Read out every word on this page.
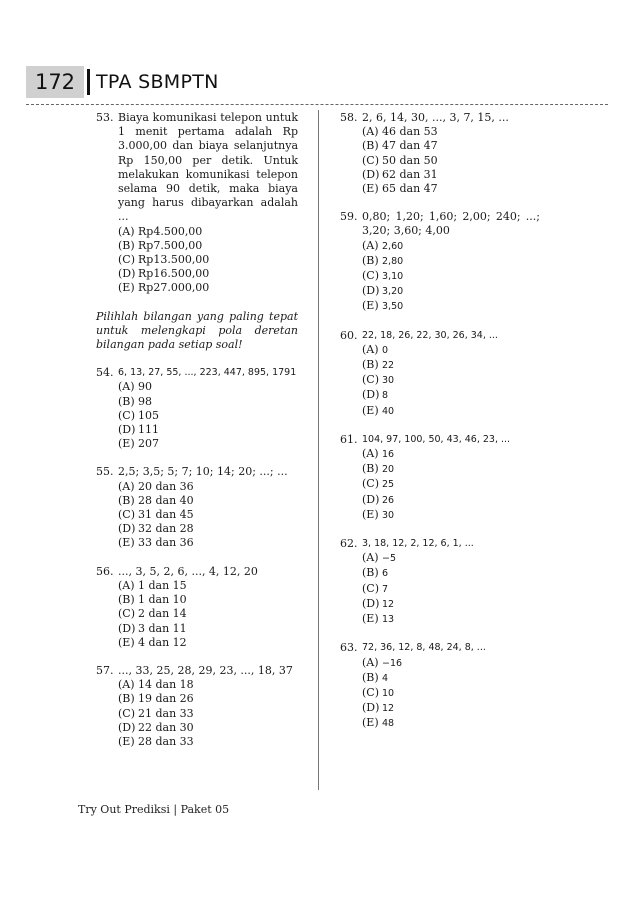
172	TPA SBMPTN
53. Biaya komunikasi telepon untuk 1 menit pertama adalah Rp 3.000,00 dan biaya selanjutnya Rp 150,00 per detik. Untuk melakukan komunikasi telepon selama 90 detik, maka biaya yang harus dibayarkan adalah ...
(A) Rp4.500,00
(B) Rp7.500,00
(C) Rp13.500,00
(D) Rp16.500,00
(E) Rp27.000,00

Pilihlah bilangan yang paling tepat untuk melengkapi pola deretan bilangan pada setiap soal!

54. 6, 13, 27, 55, ..., 223, 447, 895, 1791
(A) 90
(B) 98
(C) 105
(D) 111
(E) 207
55. 2,5; 3,5; 5; 7; 10; 14; 20; ...; ...
(A) 20 dan 36
(B) 28 dan 40
(C) 31 dan 45
(D) 32 dan 28
(E) 33 dan 36
56. ..., 3, 5, 2, 6, ..., 4, 12, 20
(A) 1 dan 15
(B) 1 dan 10
(C) 2 dan 14
(D) 3 dan 11
(E) 4 dan 12
57. ..., 33, 25, 28, 29, 23, ..., 18, 37
(A) 14 dan 18
(B) 19 dan 26
(C) 21 dan 33
(D) 22 dan 30
(E) 28 dan 33
58. 2, 6, 14, 30, ..., 3, 7, 15, ...
(A) 46 dan 53
(B) 47 dan 47
(C) 50 dan 50
(D) 62 dan 31
(E) 65 dan 47
59. 0,80; 1,20; 1,60; 2,00; 240; ...; 3,20; 3,60; 4,00
(A) 2,60
(B) 2,80
(C) 3,10
(D) 3,20
(E) 3,50
60. 22, 18, 26, 22, 30, 26, 34, ...
(A) 0
(B) 22
(C) 30
(D) 8
(E) 40
61. 104, 97, 100, 50, 43, 46, 23, ...
(A) 16
(B) 20
(C) 25
(D) 26
(E) 30
62. 3, 18, 12, 2, 12, 6, 1, ...
(A) −5
(B) 6
(C) 7
(D) 12
(E) 13
63. 72, 36, 12, 8, 48, 24, 8, ...
(A) −16
(B) 4
(C) 10
(D) 12
(E) 48
Try Out Prediksi | Paket 05
